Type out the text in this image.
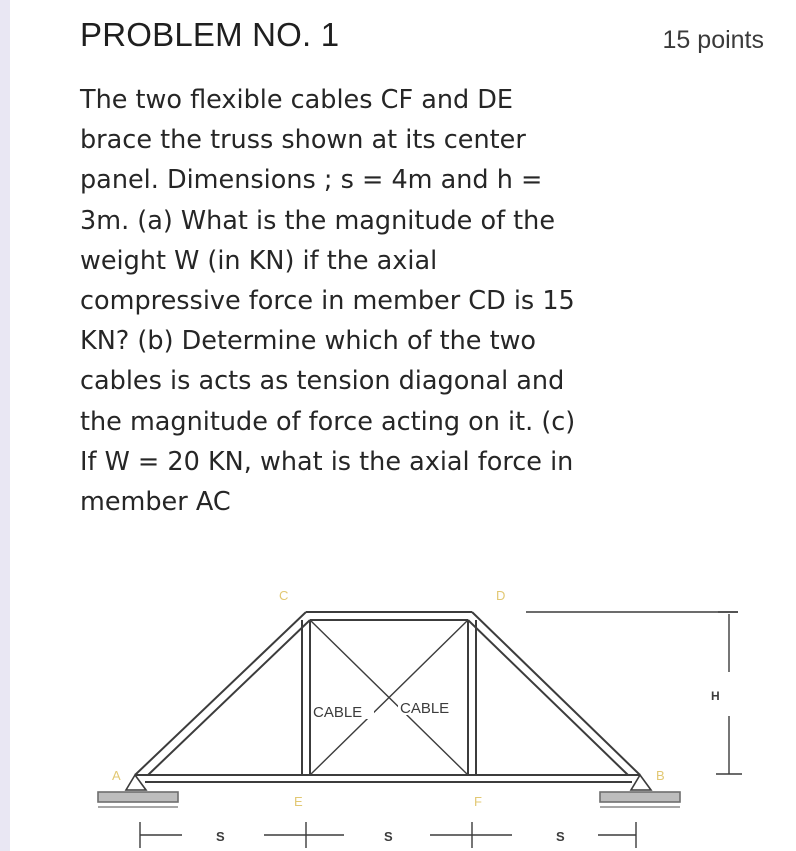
PROBLEM NO. 1	15 points
The two flexible cables CF and DE
brace the truss shown at its center
panel. Dimensions ; s = 4m and h =
3m. (a) What is the magnitude of the
weight W (in KN) if the axial
compressive force in member CD is 15
KN? (b) Determine which of the two
cables is acts as tension diagonal and
the magnitude of force acting on it. (c)
If W = 20 KN, what is the axial force in
member AC
CABLE	CABLE
C	D
A	B
E	F
H
S	S	S
